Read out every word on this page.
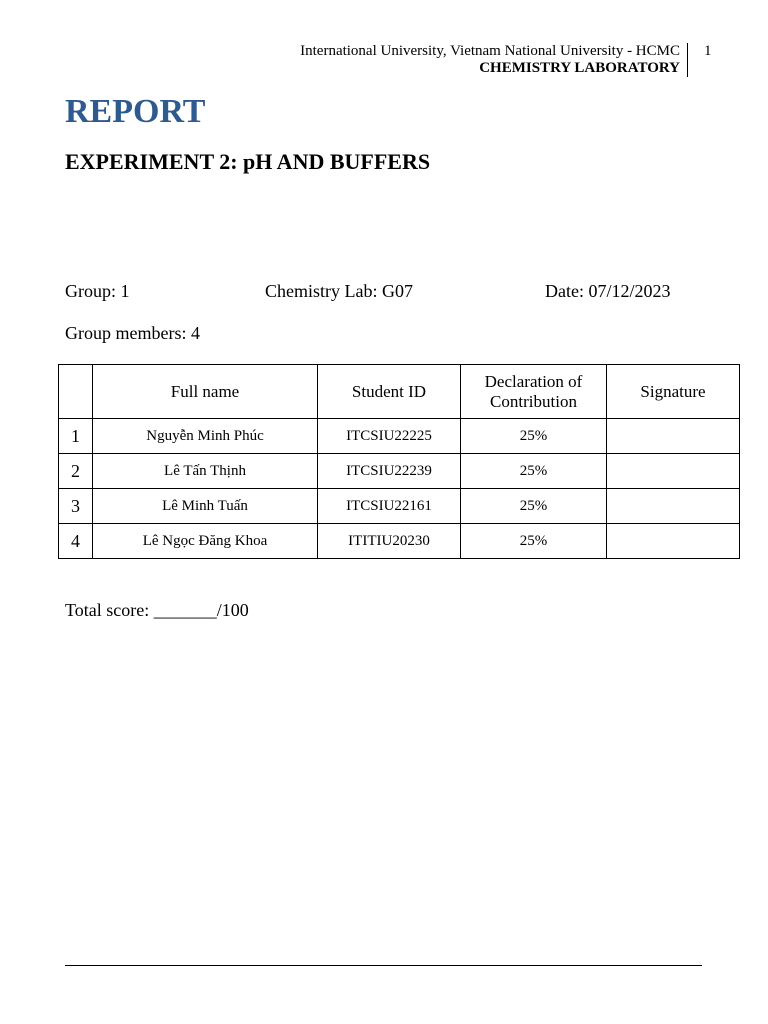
International University, Vietnam National University - HCMC
CHEMISTRY LABORATORY
1
REPORT
EXPERIMENT 2: pH AND BUFFERS
Group: 1	Chemistry Lab: G07	Date: 07/12/2023
Group members: 4
	Full name	Student ID	Declaration of Contribution	Signature
1	Nguyễn Minh Phúc	ITCSIU22225	25%	
2	Lê Tấn Thịnh	ITCSIU22239	25%	
3	Lê Minh Tuấn	ITCSIU22161	25%	
4	Lê Ngọc Đăng Khoa	ITITIU20230	25%	
Total score: _______/100
